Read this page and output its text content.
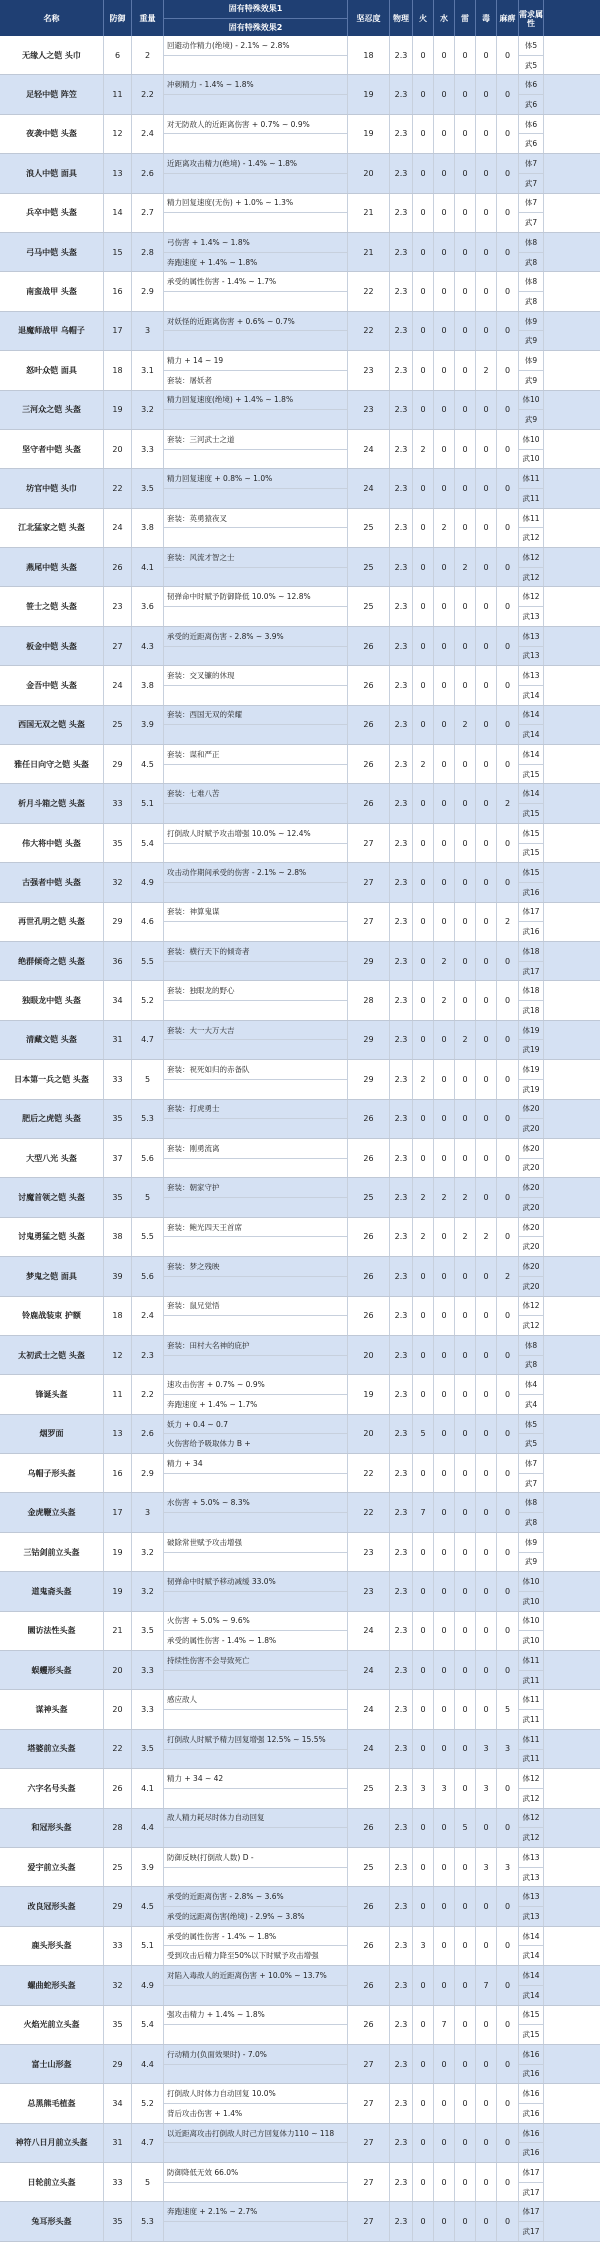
名称	防御	重量
固有特殊效果1
固有特殊效果2
坚忍度	物理	火	水	雷	毒	麻痹 需求属性
无缘人之铠 头巾	6	2
回避动作精力(绝境) - 2.1% ~ 2.8%
18	2.3	0	0	0	0	0
体5
武5
足轻中铠 阵笠	11	2.2
冲刺精力 - 1.4% ~ 1.8%
19	2.3	0	0	0	0	0
体6
武6
夜袭中铠 头盔	12	2.4
对无防敌人的近距离伤害 + 0.7% ~ 0.9%
19	2.3	0	0	0	0	0
体6
武6
浪人中铠 面具	13	2.6
近距离攻击精力(绝境) - 1.4% ~ 1.8%
20	2.3	0	0	0	0	0
体7
武7
兵卒中铠 头盔	14	2.7
精力回复速度(无伤) + 1.0% ~ 1.3%
21	2.3	0	0	0	0	0
体7
武7
弓马中铠 头盔	15	2.8
弓伤害 + 1.4% ~ 1.8%
奔跑速度 + 1.4% ~ 1.8%
21	2.3	0	0	0	0	0
体8
武8
南蛮战甲 头盔	16	2.9
承受的属性伤害 - 1.4% ~ 1.7%
22	2.3	0	0	0	0	0
体8
武8
退魔师战甲 乌帽子	17	3
对妖怪的近距离伤害 + 0.6% ~ 0.7%
22	2.3	0	0	0	0	0
体9
武9
怒叶众铠 面具	18	3.1
精力 + 14 ~ 19
套装：屠妖者
23	2.3	0	0	0	2	0
体9
武9
三河众之铠 头盔	19	3.2
精力回复速度(绝境) + 1.4% ~ 1.8%
23	2.3	0	0	0	0	0
体10
武9
坚守者中铠 头盔	20	3.3
套装：三河武士之道
24	2.3	2	0	0	0	0
体10
武10
坊官中铠 头巾	22	3.5
精力回复速度 + 0.8% ~ 1.0%
24	2.3	0	0	0	0	0
体11
武11
江北猛家之铠 头盔	24	3.8
套装：英勇猿夜叉
25	2.3	0	2	0	0	0
体11
武12
燕尾中铠 头盔	26	4.1
套装：风流才智之士
25	2.3	0	0	2	0	0
体12
武12
笹士之铠 头盔	23	3.6
韧弹命中时赋予防御降低 10.0% ~ 12.8%
25	2.3	0	0	0	0	0
体12
武13
板金中铠 头盔	27	4.3
承受的近距离伤害 - 2.8% ~ 3.9%
26	2.3	0	0	0	0	0
体13
武13
金吾中铠 头盔	24	3.8
套装：交叉镰的休现
26	2.3	0	0	0	0	0
体13
武14
西国无双之铠 头盔	25	3.9
套装：西国无双的荣耀
26	2.3	0	0	2	0	0
体14
武14
雅任日向守之铠 头盔	29	4.5
套装：谋和严正
26	2.3	2	0	0	0	0
体14
武15
析月斗箱之铠 头盔	33	5.1
套装：七难八苦
26	2.3	0	0	0	0	2
体14
武15
伟大将中铠 头盔	35	5.4
打倒敌人时赋予攻击增强 10.0% ~ 12.4%
27	2.3	0	0	0	0	0
体15
武15
古强者中铠 头盔	32	4.9
攻击动作期间承受的伤害 - 2.1% ~ 2.8%
27	2.3	0	0	0	0	0
体15
武16
再世孔明之铠 头盔	29	4.6
套装：神算鬼谋
27	2.3	0	0	0	0	2
体17
武16
绝群倾奇之铠 头盔	36	5.5
套装：横行天下的倾奇者
29	2.3	0	2	0	0	0
体18
武17
独眼龙中铠 头盔	34	5.2
套装：独眼龙的野心
28	2.3	0	2	0	0	0
体18
武18
清藏文铠 头盔	31	4.7
套装：大一大万大吉
29	2.3	0	0	2	0	0
体19
武19
日本第一兵之铠 头盔	33	5
套装：祝死如归的赤备队
29	2.3	2	0	0	0	0
体19
武19
肥后之虎铠 头盔	35	5.3
套装：打虎勇士
26	2.3	0	0	0	0	0
体20
武20
大型八光 头盔	37	5.6
套装：刚勇流离
26	2.3	0	0	0	0	0
体20
武20
讨魔首领之铠 头盔	35	5
套装：朝家守护
25	2.3	2	2	2	0	0
体20
武20
讨鬼勇猛之铠 头盔	38	5.5
套装：鲍光四天王首席
26	2.3	2	0	2	2	0
体20
武20
梦鬼之铠 面具	39	5.6
套装：梦之残映
26	2.3	0	0	0	0	2
体20
武20
铃鹿战装束 护额	18	2.4
套装：鼠兄觉悟
26	2.3	0	0	0	0	0
体12
武12
太初武士之铠 头盔	12	2.3
套装：田村大名神的庇护
20	2.3	0	0	0	0	0
体8
武8
锋诞头盔	11	2.2
速攻击伤害 + 0.7% ~ 0.9%
奔跑速度 + 1.4% ~ 1.7%
19	2.3	0	0	0	0	0
体4
武4
烟罗面	13	2.6
妖力 + 0.4 ~ 0.7
火伤害给予吸取体力 B +
20	2.3	5	0	0	0	0
体5
武5
乌帽子形头盔	16	2.9
精力 + 34
22	2.3	0	0	0	0	0
体7
武7
金虎鞭立头盔	17	3
水伤害 + 5.0% ~ 8.3%
22	2.3	7	0	0	0	0
体8
武8
三钴剑前立头盔	19	3.2
破除常世赋予攻击增强
23	2.3	0	0	0	0	0
体9
武9
道鬼斋头盔	19	3.2
韧弹命中时赋予移动减缓 33.0%
23	2.3	0	0	0	0	0
体10
武10
圜访法性头盔	21	3.5
火伤害 + 5.0% ~ 9.6%
承受的属性伤害 - 1.4% ~ 1.8%
24	2.3	0	0	0	0	0
体10
武10
蜈蠼形头盔	20	3.3
持续性伤害不会导致死亡
24	2.3	0	0	0	0	0
体11
武11
谋神头盔	20	3.3
感应敌人
24	2.3	0	0	0	0	5
体11
武11
塔婆前立头盔	22	3.5
打倒敌人时赋予精力回复增强 12.5% ~ 15.5%
24	2.3	0	0	0	3	3
体11
武11
六字名号头盔	26	4.1
精力 + 34 ~ 42
25	2.3	3	3	0	3	0
体12
武12
和冠形头盔	28	4.4
敌人精力耗尽时体力自动回复
26	2.3	0	0	5	0	0
体12
武12
爱宇前立头盔	25	3.9
防御反映(打倒敌人数) D -
25	2.3	0	0	0	3	3
体13
武13
改良冠形头盔	29	4.5
承受的近距离伤害 - 2.8% ~ 3.6%
承受的远距离伤害(绝境) - 2.9% ~ 3.8%
26	2.3	0	0	0	0	0
体13
武13
鹿头形头盔	33	5.1
承受的属性伤害 - 1.4% ~ 1.8%
受到攻击后精力降至50%以下时赋予攻击增强
26	2.3	3	0	0	0	0
体14
武14
螺曲蛇形头盔	32	4.9
对陷入毒敌人的近距离伤害 + 10.0% ~ 13.7%
26	2.3	0	0	0	7	0
体14
武14
火焰光前立头盔	35	5.4
强攻击精力 + 1.4% ~ 1.8%
26	2.3	0	7	0	0	0
体15
武15
富士山形盔	29	4.4
行动精力(负面效果时) - 7.0%
27	2.3	0	0	0	0	0
体16
武16
总黑熊毛植盔	34	5.2
打倒敌人时体力自动回复 10.0%
背后攻击伤害 + 1.4%
27	2.3	0	0	0	0	0
体16
武16
神符八日月前立头盔	31	4.7
以近距离攻击打倒敌人时己方回复体力110 ~ 118
27	2.3	0	0	0	0	0
体16
武16
日轮前立头盔	33	5
防御降低无效 66.0%
27	2.3	0	0	0	0	0
体17
武17
兔耳形头盔	35	5.3
奔跑速度 + 2.1% ~ 2.7%
27	2.3	0	0	0	0	0
体17
武17
